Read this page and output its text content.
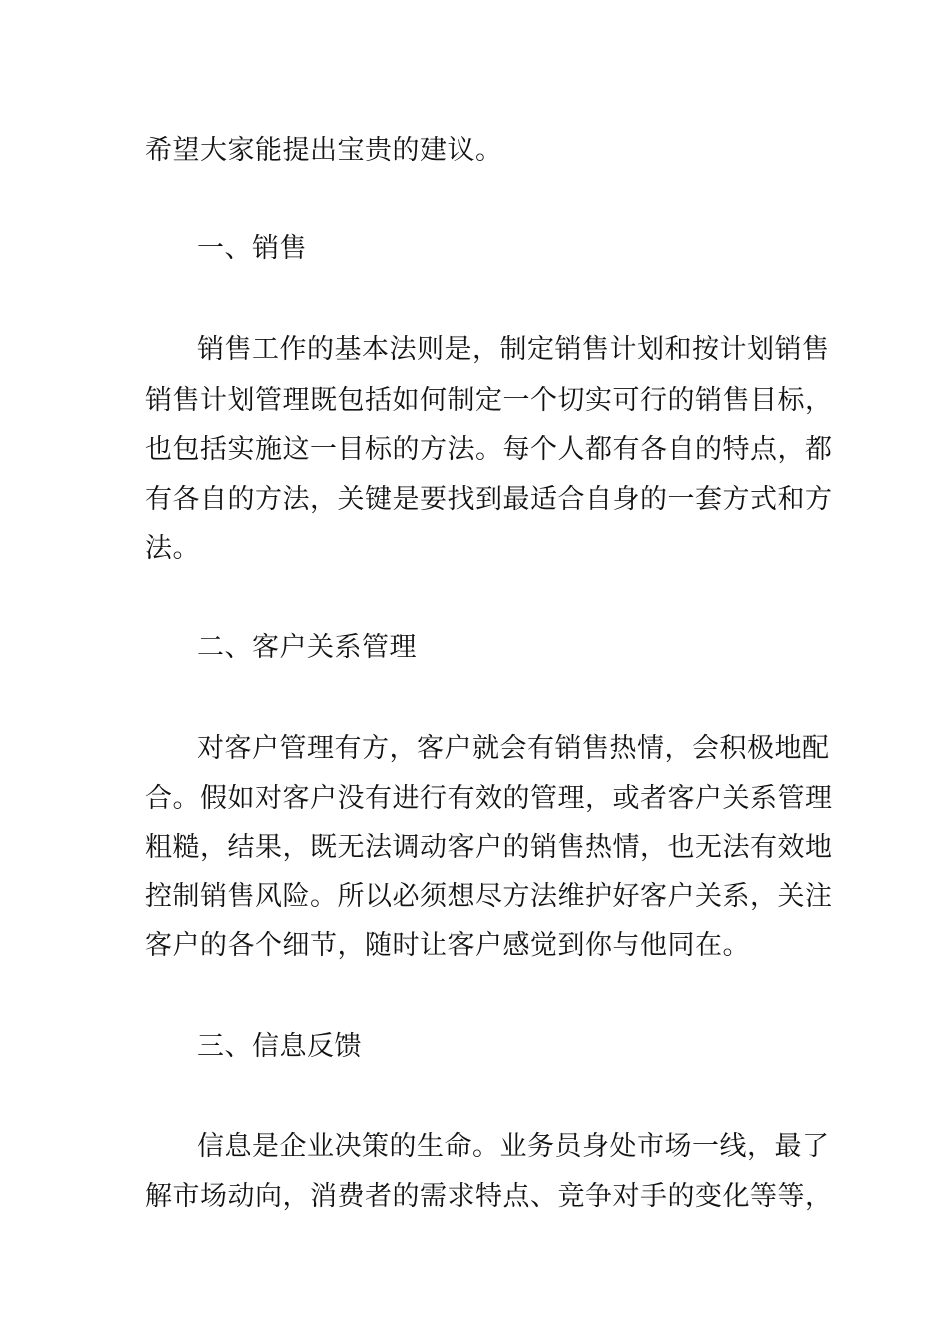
希望大家能提出宝贵的建议。
一、销售
销售工作的基本法则是，制定销售计划和按计划销售
销售计划管理既包括如何制定一个切实可行的销售目标，
也包括实施这一目标的方法。每个人都有各自的特点，都
有各自的方法，关键是要找到最适合自身的一套方式和方
法。
二、客户关系管理
对客户管理有方，客户就会有销售热情，会积极地配
合。假如对客户没有进行有效的管理，或者客户关系管理
粗糙，结果，既无法调动客户的销售热情，也无法有效地
控制销售风险。所以必须想尽方法维护好客户关系，关注
客户的各个细节，随时让客户感觉到你与他同在。
三、信息反馈
信息是企业决策的生命。业务员身处市场一线，最了
解市场动向，消费者的需求特点、竞争对手的变化等等，
